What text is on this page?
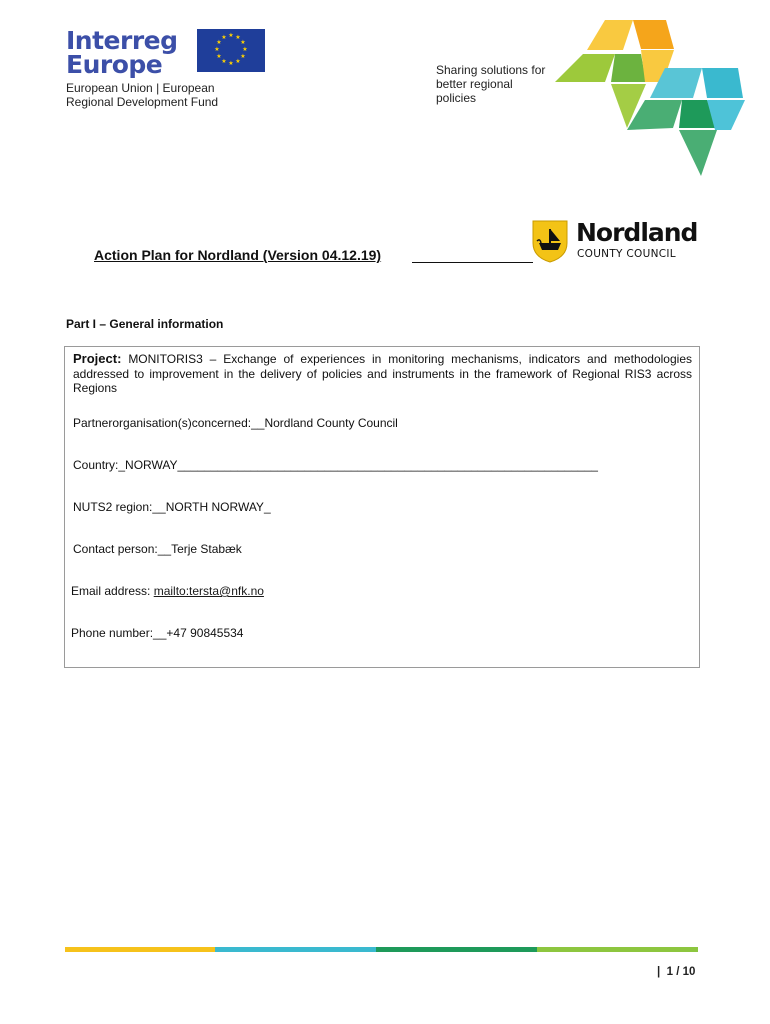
Interreg
Europe
★ ★
★
★
★
★
★
★
★
★
★
★
European Union | European
Regional Development Fund
Sharing solutions for
better regional
policies
Nordland
COUNTY COUNCIL
Action Plan for Nordland (Version 04.12.19)
Part I – General information
Project: MONITORIS3 – Exchange of experiences in monitoring mechanisms, indicators and methodologies addressed to improvement in the delivery of policies and instruments in the framework of Regional RIS3 across Regions
Partnerorganisation(s)concerned:__Nordland County Council
Country:_NORWAY_______________________________________________________________
NUTS2 region:__NORTH NORWAY_
Contact person:__Terje Stabæk
Email address: mailto:tersta@nfk.no
Phone number:__+47 90845534
|  1 / 10
